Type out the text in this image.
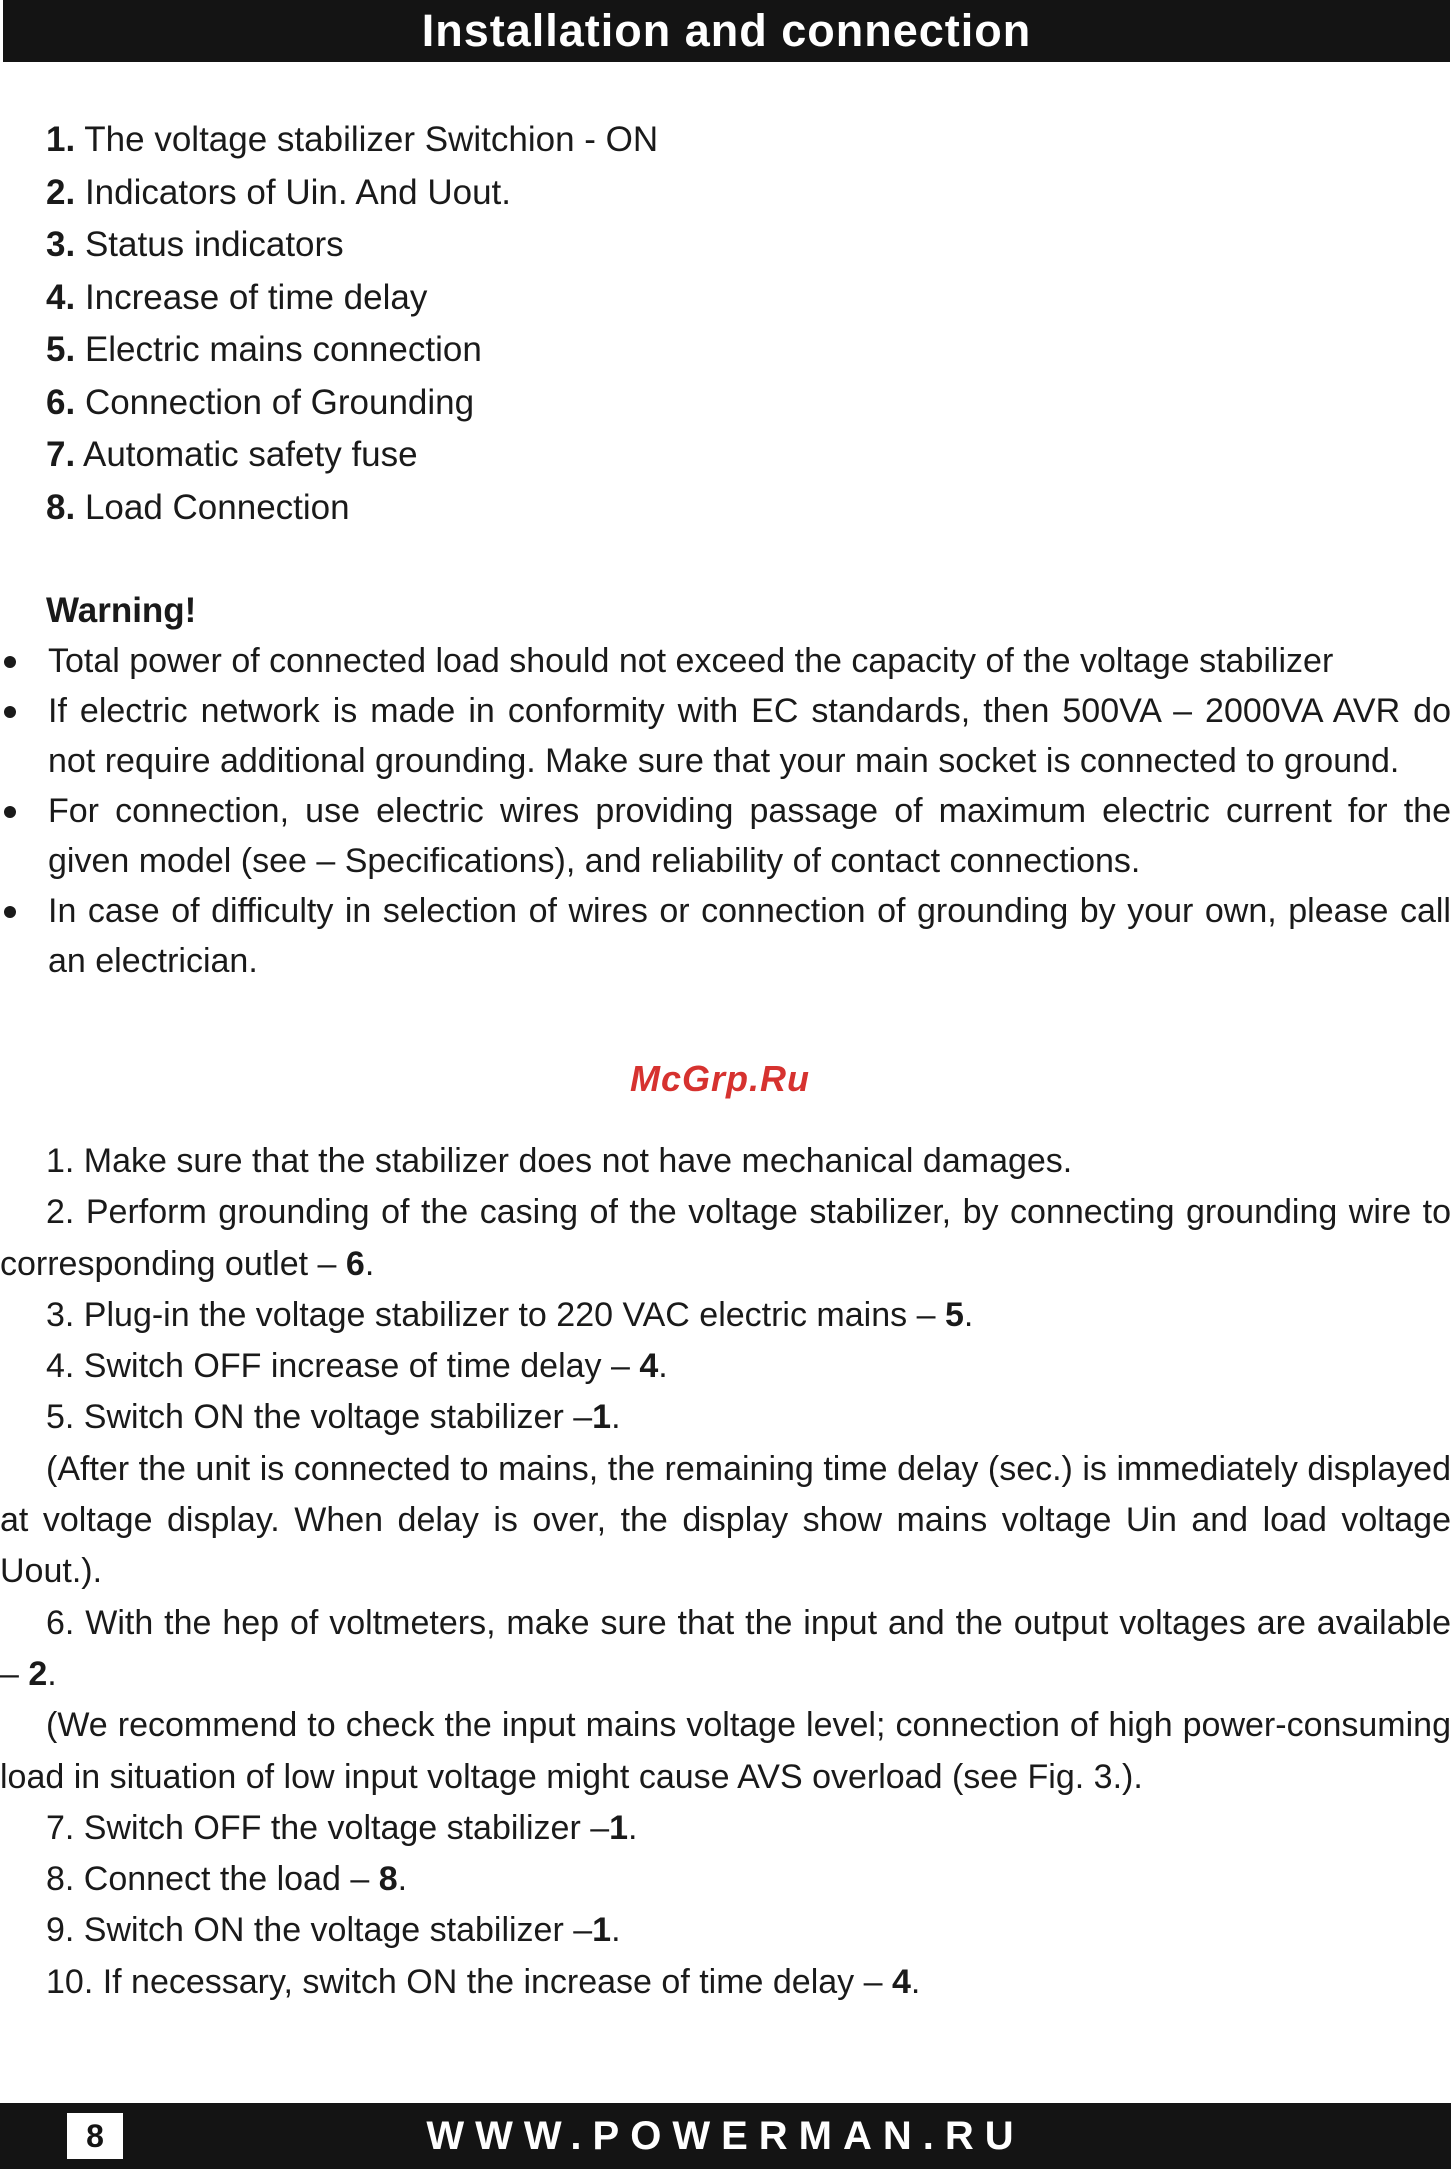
Installation and connection
1. The voltage stabilizer Switchion - ON
2. Indicators of Uin. And Uout.
3. Status indicators
4. Increase of time delay
5. Electric mains connection
6. Connection of Grounding
7. Automatic safety fuse
8. Load Connection
Warning!
Total power of connected load should not exceed the capacity of the voltage stabilizer
If electric network is made in conformity with EC standards, then 500VA – 2000VA AVR do not require additional grounding. Make sure that your main socket is connected to ground.
For connection, use electric wires providing passage of maximum electric current for the given model (see – Specifications), and reliability of contact connections.
In case of difficulty in selection of wires or connection of grounding by your own, please call an electrician.
McGrp.Ru

1. Make sure that the stabilizer does not have mechanical damages.

2. Perform grounding of the casing of the voltage stabilizer, by connecting grounding wire to corresponding outlet – 6.

3. Plug-in the voltage stabilizer to 220 VAC electric mains – 5.

4. Switch OFF increase of time delay – 4.

5. Switch ON the voltage stabilizer –1.

(After the unit is connected to mains, the remaining time delay (sec.) is immediately displayed at voltage display. When delay is over, the display show mains voltage Uin and load voltage Uout.).

6. With the hep of voltmeters, make sure that the input and the output voltages are available – 2.

(We recommend to check the input mains voltage level; connection of high power-consuming load in situation of low input voltage might cause AVS overload (see Fig. 3.).

7. Switch OFF the voltage stabilizer –1.

8. Connect the load – 8.

9. Switch ON the voltage stabilizer –1.

10. If necessary, switch ON the increase of time delay – 4.

WWW.POWERMAN.RU
8
